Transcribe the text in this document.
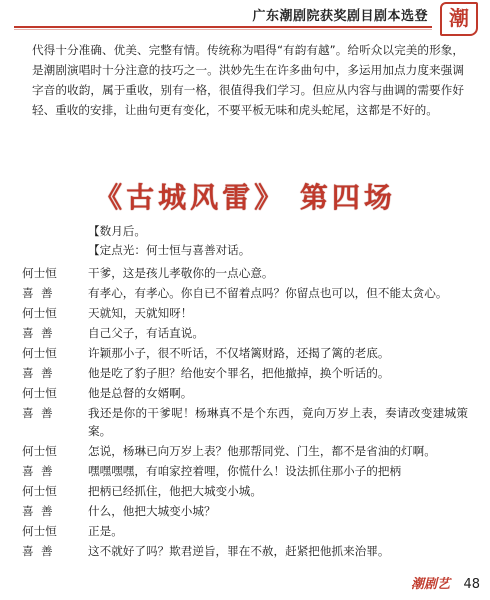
广东潮剧院获奖剧目剧本选登	潮

代得十分准确、优美、完整有情。传统称为唱得“有韵有越”。给听众以完美的形象，是潮剧演唱时十分注意的技巧之一。洪妙先生在许多曲句中，多运用加点力度来强调字音的收韵，属于重收，别有一格，很值得我们学习。但应从内容与曲调的需要作好轻、重收的安排，让曲句更有变化，不要平板无味和虎头蛇尾，这都是不好的。

《古城风雷》 第四场
【数月后。
【定点光：何士恒与喜善对话。
何士恒	干爹，这是孩儿孝敬你的一点心意。
喜  善	有孝心，有孝心。你自已不留着点吗？你留点也可以，但不能太贪心。
何士恒	天就知，天就知呀！
喜  善	自己父子，有话直说。
何士恒	许颖那小子，很不听话，不仅堵篱财路，还揭了篱的老底。
喜  善	他是吃了豹子胆？给他安个罪名，把他撤掉，换个听话的。
何士恒	他是总督的女婿啊。
喜  善	我还是你的干爹呢！杨琳真不是个东西，竟向万岁上表，奏请改变建城策案。
何士恒	怎说，杨琳已向万岁上表？他那帮同党、门生，都不是省油的灯啊。
喜  善	嘿嘿嘿嘿，有咱家控着哩，你慌什么！设法抓住那小子的把柄
何士恒	把柄已经抓住，他把大城变小城。
喜  善	什么，他把大城变小城？
何士恒	正是。
喜  善	这不就好了吗？欺君逆旨，罪在不赦，赶紧把他抓来治罪。
潮剧艺 48
